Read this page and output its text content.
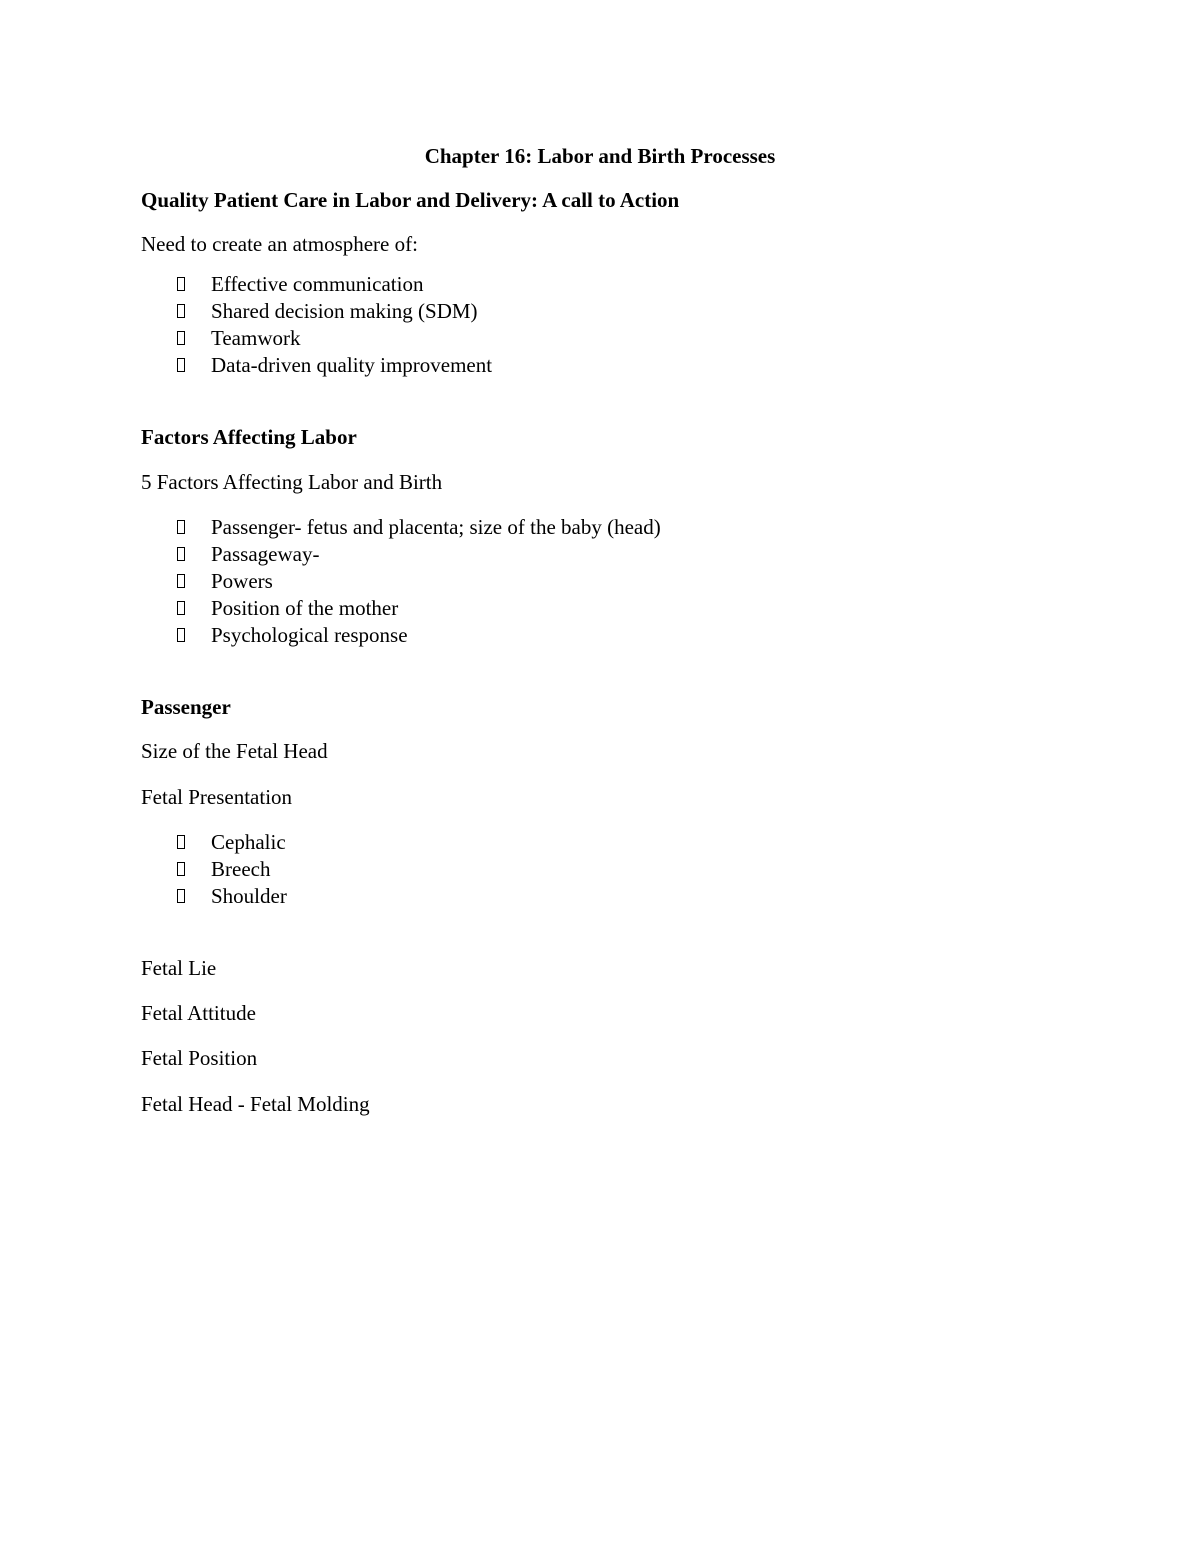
Chapter 16: Labor and Birth Processes

Quality Patient Care in Labor and Delivery: A call to Action

Need to create an atmosphere of:

Effective communication
Shared decision making (SDM)
Teamwork
Data-driven quality improvement

Factors Affecting Labor

5 Factors Affecting Labor and Birth

Passenger- fetus and placenta; size of the baby (head)
Passageway-
Powers
Position of the mother
Psychological response

Passenger

Size of the Fetal Head

Fetal Presentation

Cephalic
Breech
Shoulder

Fetal Lie

Fetal Attitude

Fetal Position

Fetal Head - Fetal Molding
